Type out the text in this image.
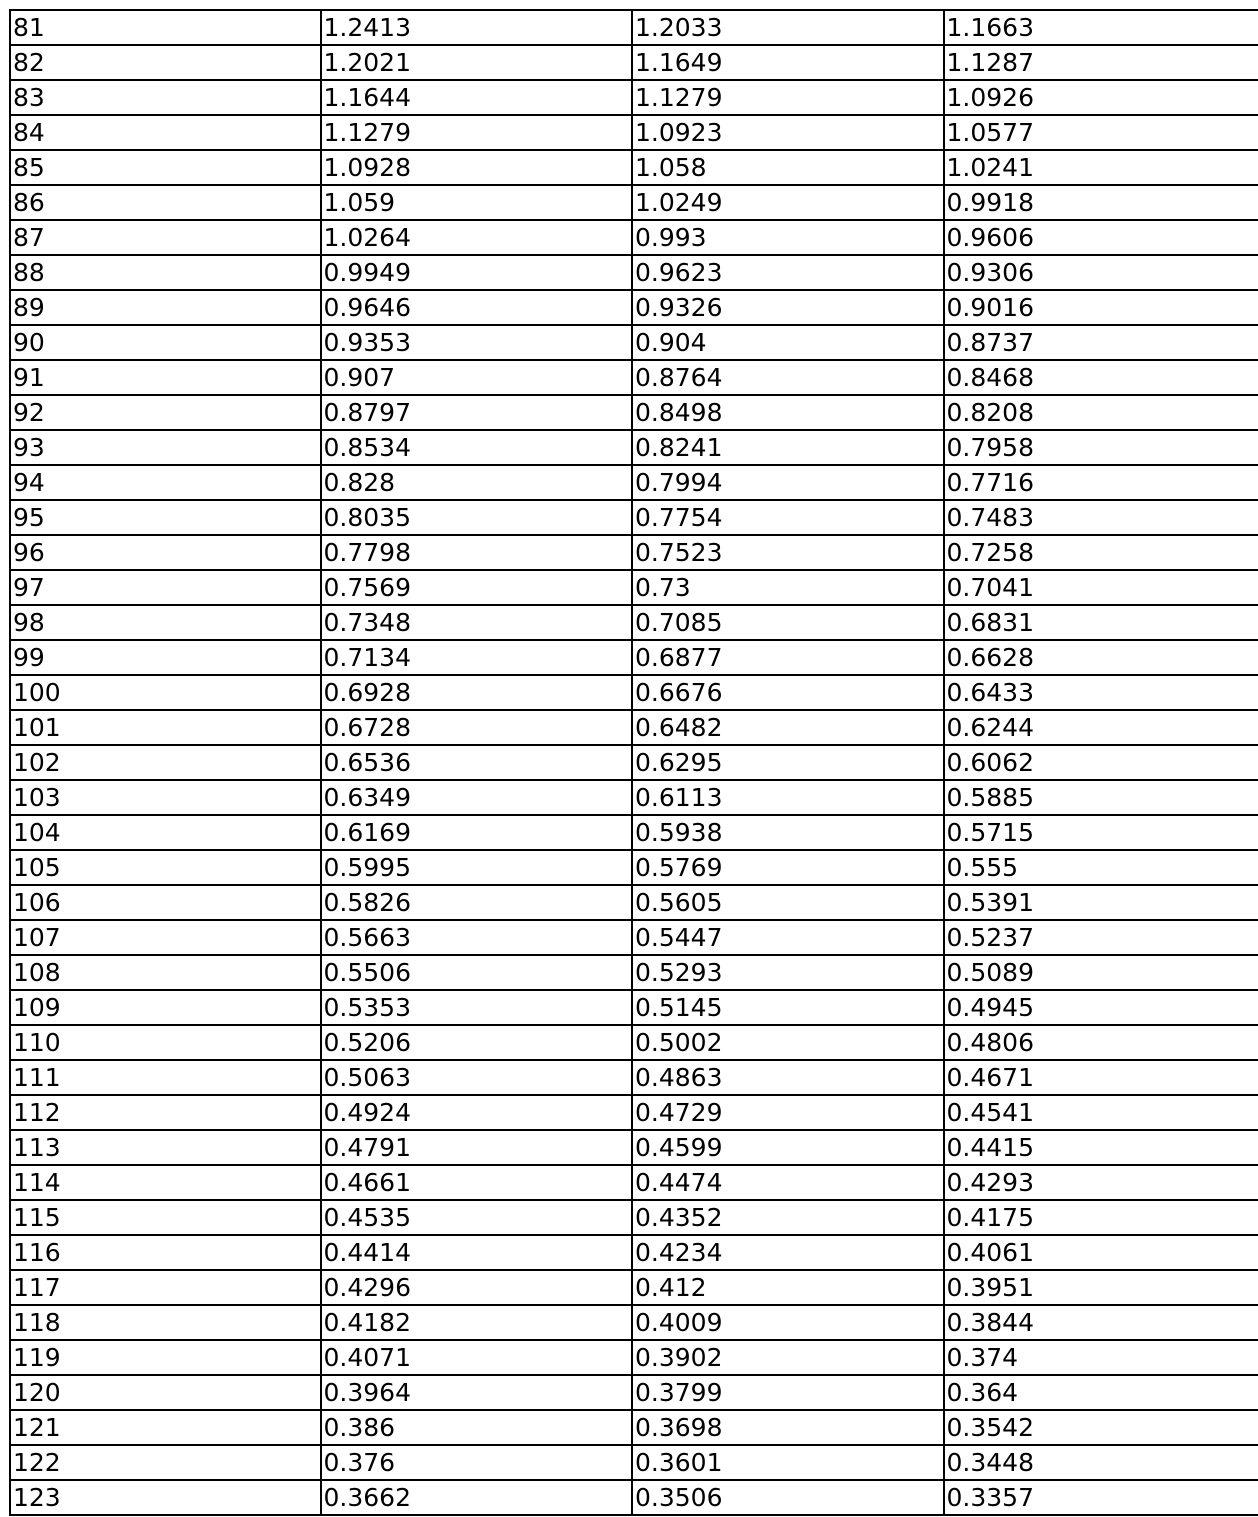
81	1.2413	1.2033	1.1663
82	1.2021	1.1649	1.1287
83	1.1644	1.1279	1.0926
84	1.1279	1.0923	1.0577
85	1.0928	1.058	1.0241
86	1.059	1.0249	0.9918
87	1.0264	0.993	0.9606
88	0.9949	0.9623	0.9306
89	0.9646	0.9326	0.9016
90	0.9353	0.904	0.8737
91	0.907	0.8764	0.8468
92	0.8797	0.8498	0.8208
93	0.8534	0.8241	0.7958
94	0.828	0.7994	0.7716
95	0.8035	0.7754	0.7483
96	0.7798	0.7523	0.7258
97	0.7569	0.73	0.7041
98	0.7348	0.7085	0.6831
99	0.7134	0.6877	0.6628
100	0.6928	0.6676	0.6433
101	0.6728	0.6482	0.6244
102	0.6536	0.6295	0.6062
103	0.6349	0.6113	0.5885
104	0.6169	0.5938	0.5715
105	0.5995	0.5769	0.555
106	0.5826	0.5605	0.5391
107	0.5663	0.5447	0.5237
108	0.5506	0.5293	0.5089
109	0.5353	0.5145	0.4945
110	0.5206	0.5002	0.4806
111	0.5063	0.4863	0.4671
112	0.4924	0.4729	0.4541
113	0.4791	0.4599	0.4415
114	0.4661	0.4474	0.4293
115	0.4535	0.4352	0.4175
116	0.4414	0.4234	0.4061
117	0.4296	0.412	0.3951
118	0.4182	0.4009	0.3844
119	0.4071	0.3902	0.374
120	0.3964	0.3799	0.364
121	0.386	0.3698	0.3542
122	0.376	0.3601	0.3448
123	0.3662	0.3506	0.3357
